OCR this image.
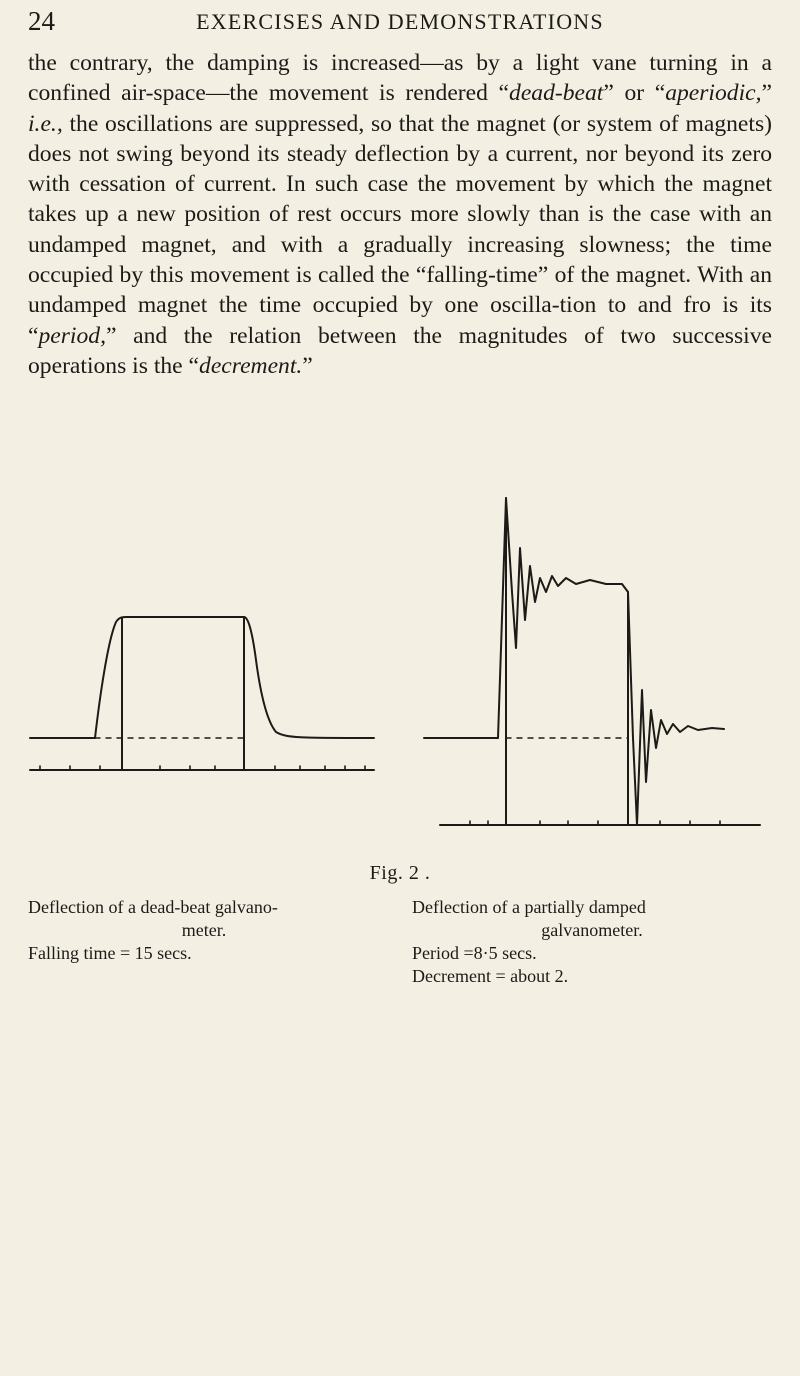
24	EXERCISES AND DEMONSTRATIONS

the contrary, the damping is increased—as by a light vane turning in a confined air-space—the movement is rendered “dead-beat” or “aperiodic,” i.e., the oscillations are suppressed, so that the magnet (or system of magnets) does not swing beyond its steady deflection by a current, nor beyond its zero with cessation of current. In such case the movement by which the magnet takes up a new position of rest occurs more slowly than is the case with an undamped magnet, and with a gradually increasing slowness; the time occupied by this movement is called the “falling-time” of the magnet. With an undamped magnet the time occupied by one oscilla-tion to and fro is its “period,” and the relation between the magnitudes of two successive operations is the “decrement.”

Fig. 2 .
Deflection of a dead-beat galvano-
meter.
Falling time = 15 secs.
Deflection of a partially damped
galvanometer.
Period =8·5 secs.
Decrement = about 2.
